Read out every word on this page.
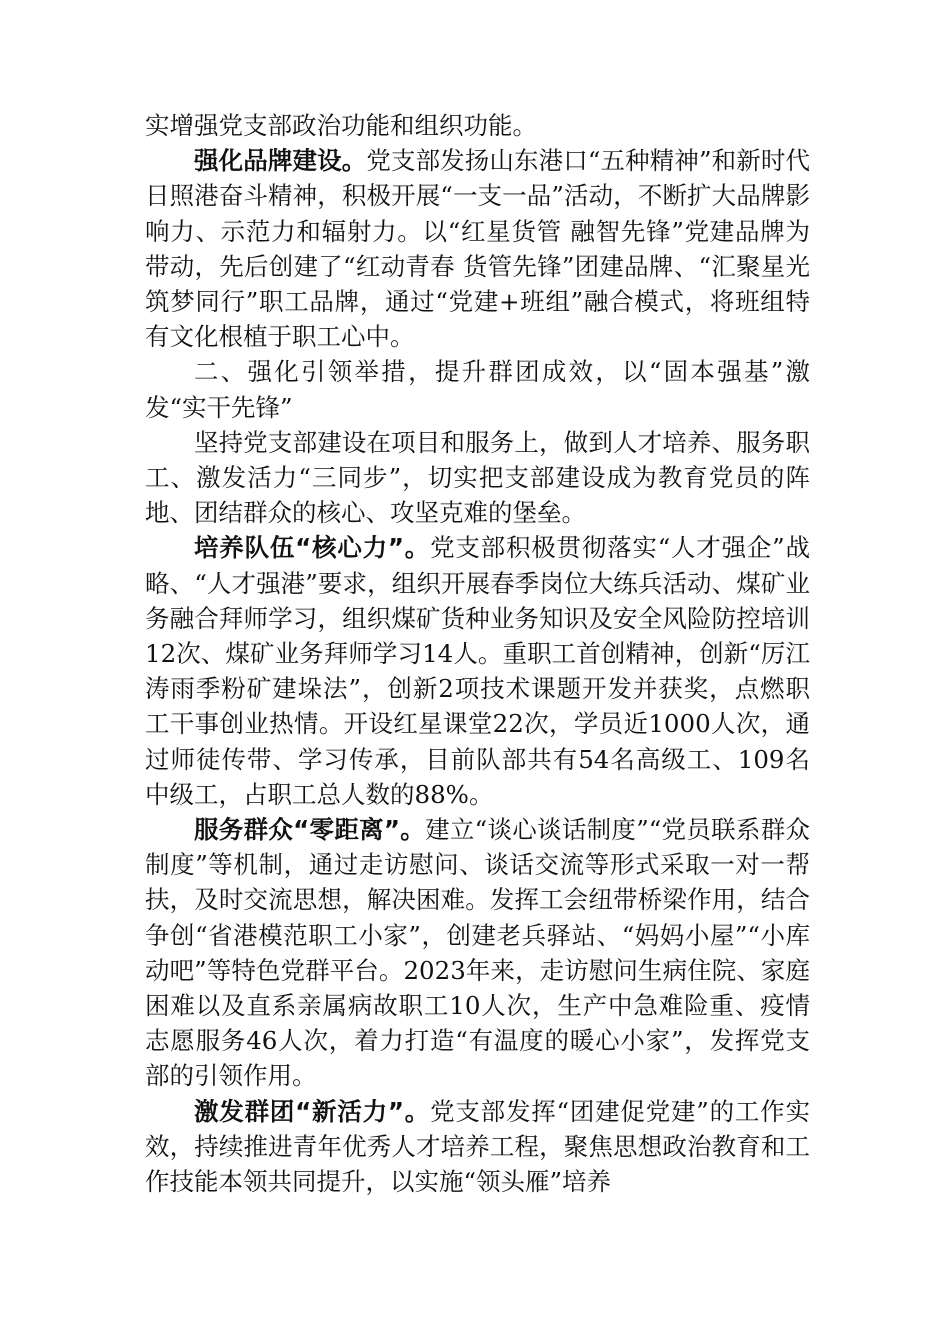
实增强党支部政治功能和组织功能。

强化品牌建设。党支部发扬山东港口“五种精神”和新时代日照港奋斗精神，积极开展“一支一品”活动，不断扩大品牌影响力、示范力和辐射力。以“红星货管 融智先锋”党建品牌为带动，先后创建了“红动青春 货管先锋”团建品牌、“汇聚星光 筑梦同行”职工品牌，通过“党建+班组”融合模式，将班组特有文化根植于职工心中。

二、强化引领举措，提升群团成效，以“固本强基”激发“实干先锋”

坚持党支部建设在项目和服务上，做到人才培养、服务职工、激发活力“三同步”，切实把支部建设成为教育党员的阵地、团结群众的核心、攻坚克难的堡垒。

培养队伍“核心力”。党支部积极贯彻落实“人才强企”战略、“人才强港”要求，组织开展春季岗位大练兵活动、煤矿业务融合拜师学习，组织煤矿货种业务知识及安全风险防控培训12次、煤矿业务拜师学习14人。重职工首创精神，创新“厉江涛雨季粉矿建垛法”，创新2项技术课题开发并获奖，点燃职工干事创业热情。开设红星课堂22次，学员近1000人次，通过师徒传带、学习传承，目前队部共有54名高级工、109名中级工，占职工总人数的88%。

服务群众“零距离”。建立“谈心谈话制度”“党员联系群众制度”等机制，通过走访慰问、谈话交流等形式采取一对一帮扶，及时交流思想，解决困难。发挥工会纽带桥梁作用，结合争创“省港模范职工小家”，创建老兵驿站、“妈妈小屋”“小库动吧”等特色党群平台。2023年来，走访慰问生病住院、家庭困难以及直系亲属病故职工10人次，生产中急难险重、疫情志愿服务46人次，着力打造“有温度的暖心小家”，发挥党支部的引领作用。

激发群团“新活力”。党支部发挥“团建促党建”的工作实效，持续推进青年优秀人才培养工程，聚焦思想政治教育和工作技能本领共同提升，以实施“领头雁”培养
